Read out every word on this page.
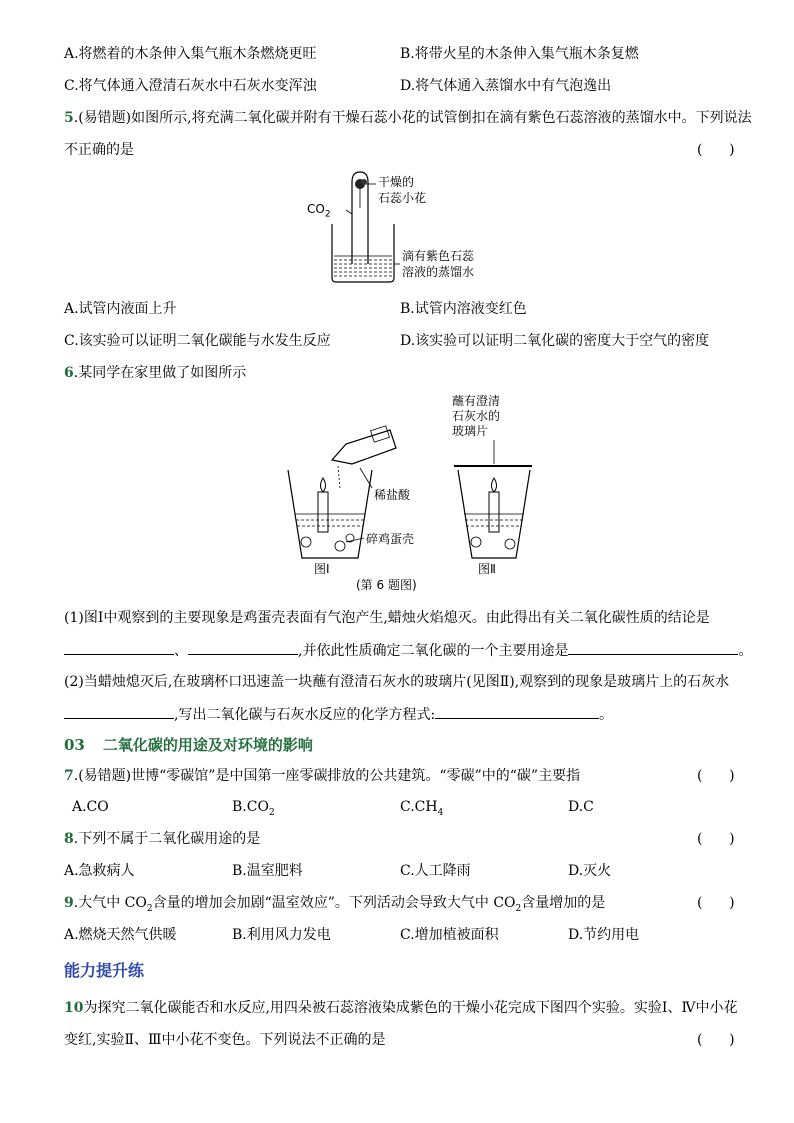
A.将燃着的木条伸入集气瓶木条燃烧更旺	B.将带火星的木条伸入集气瓶木条复燃
C.将气体通入澄清石灰水中石灰水变浑浊	D.将气体通入蒸馏水中有气泡逸出
5.(易错题)如图所示,将充满二氧化碳并附有干燥石蕊小花的试管倒扣在滴有紫色石蕊溶液的蒸馏水中。下列说法
不正确的是	(      )
$CO_2$
干燥的
石蕊小花
滴有紫色石蕊
溶液的蒸馏水
A.试管内液面上升	B.试管内溶液变红色
C.该实验可以证明二氧化碳能与水发生反应	D.该实验可以证明二氧化碳的密度大于空气的密度
6.某同学在家里做了如图所示
蘸有澄清
石灰水的
玻璃片
稀盐酸
碎鸡蛋壳
图Ⅰ	图Ⅱ
(第 6 题图)
(1)图Ⅰ中观察到的主要现象是鸡蛋壳表面有气泡产生,蜡烛火焰熄灭。由此得出有关二氧化碳性质的结论是
、	,并依此性质确定二氧化碳的一个主要用途是	。
(2)当蜡烛熄灭后,在玻璃杯口迅速盖一块蘸有澄清石灰水的玻璃片(见图Ⅱ),观察到的现象是玻璃片上的石灰水
,写出二氧化碳与石灰水反应的化学方程式:	。
03 二氧化碳的用途及对环境的影响
7.(易错题)世博“零碳馆”是中国第一座零碳排放的公共建筑。“零碳”中的“碳”主要指	(      )
A.CO	$B.CO_2$	$C.CH_4$	D.C
8.下列不属于二氧化碳用途的是	(      )
A.急救病人	B.温室肥料	C.人工降雨	D.灭火
9.大气中 $CO_2$含量的增加会加剧“温室效应”。下列活动会导致大气中 $CO_2$含量增加的是	(      )
A.燃烧天然气供暖	B.利用风力发电	C.增加植被面积	D.节约用电
能力提升练
10为探究二氧化碳能否和水反应,用四朵被石蕊溶液染成紫色的干燥小花完成下图四个实验。实验Ⅰ、Ⅳ中小花
变红,实验Ⅱ、Ⅲ中小花不变色。下列说法不正确的是	(      )
